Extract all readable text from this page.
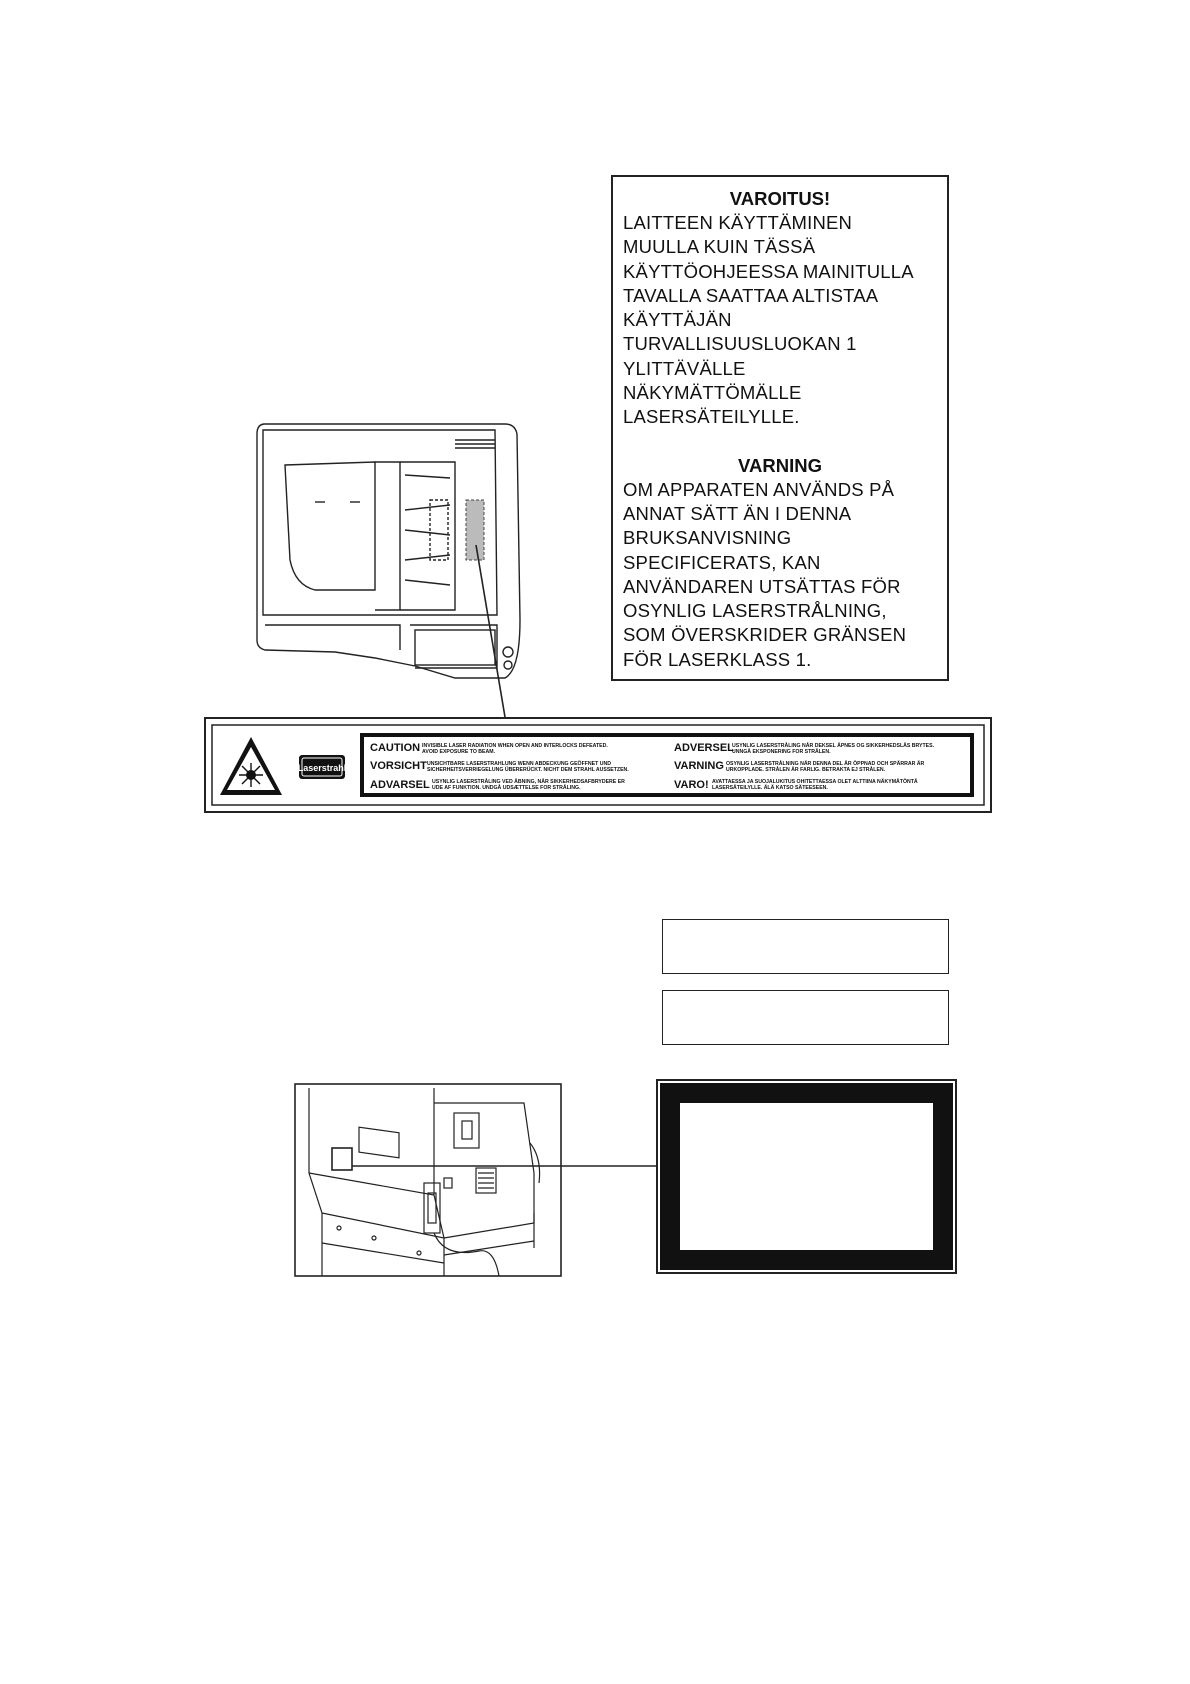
VAROITUS!
LAITTEEN KÄYTTÄMINEN
MUULLA KUIN TÄSSÄ
KÄYTTÖOHJEESSA MAINITULLA
TAVALLA SAATTAA ALTISTAA
KÄYTTÄJÄN
TURVALLISUUSLUOKAN 1
YLITTÄVÄLLE
NÄKYMÄTTÖMÄLLE
LASERSÄTEILYLLE.
VARNING
OM APPARATEN ANVÄNDS PÅ
ANNAT SÄTT ÄN I DENNA
BRUKSANVISNING
SPECIFICERATS, KAN
ANVÄNDAREN UTSÄTTAS FÖR
OSYNLIG LASERSTRÅLNING,
SOM ÖVERSKRIDER GRÄNSEN
FÖR LASERKLASS 1.
Laserstrahl
CAUTION INVISIBLE LASER RADIATION WHEN OPEN AND INTERLOCKS DEFEATED.
AVOID EXPOSURE TO BEAM.
VORSICHT UNSICHTBARE LASERSTRAHLUNG WENN ABDECKUNG GEÖFFNET UND
SICHERHEITSVERRIEGELUNG ÜBERERÜCKT. NICHT DEM STRAHL AUSSETZEN.
ADVARSEL USYNLIG LASERSTRÅLING VED ÅBNING, NÅR SIKKERHEDSAFBRYDERE ER
UDE AF FUNKTION. UNDGÅ UDSÆTTELSE FOR STRÅLING.
ADVERSEL
USYNLIG LASERSTRÅLING NÅR DEKSEL ÅPNES OG SIKKERHEDSLÅS BRYTES.
UNNGÅ EKSPONERING FOR STRÅLEN.
VARNING OSYNLIG LASERSTRÅLNING NÄR DENNA DEL ÄR ÖPPNAD OCH SPÄRRAR ÄR
URKOPPLADE. STRÅLEN ÄR FARLIG. BETRAKTA EJ STRÅLEN.
VARO! AVATTAESSA JA SUOJALUKITUS OHITETTAESSA OLET ALTTIINA NÄKYMÄTÖNTÄ
LASERSÄTEILYLLE. ÄLÄ KATSO SÄTEESEEN.
